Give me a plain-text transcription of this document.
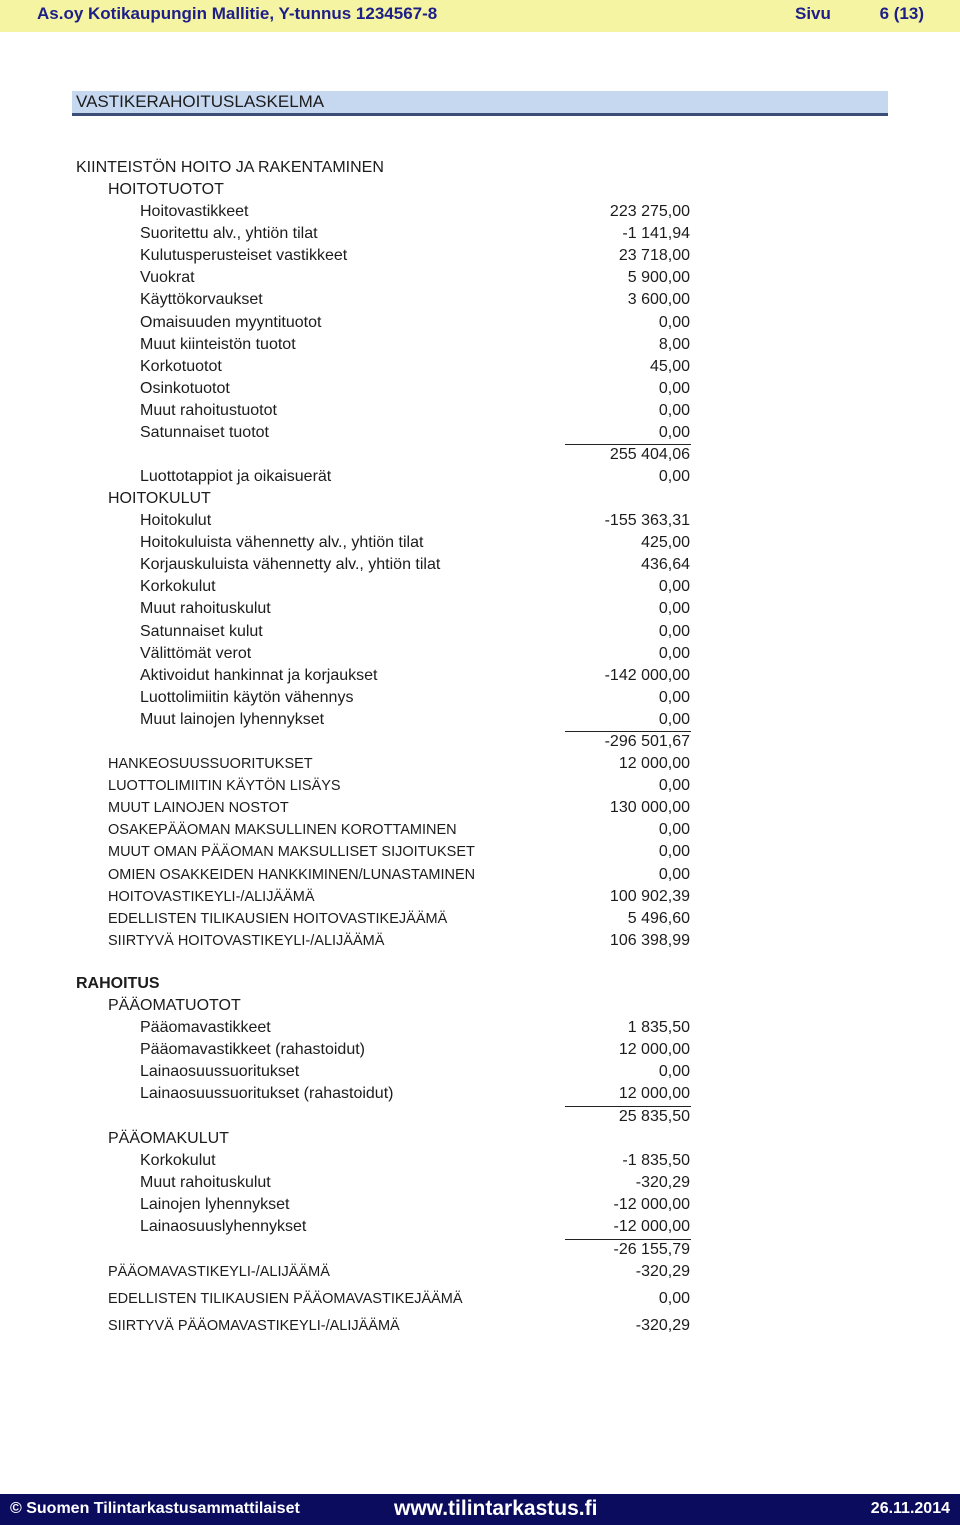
As.oy Kotikaupungin Mallitie, Y-tunnus 1234567-8	Sivu	6 (13)
VASTIKERAHOITUSLASKELMA
KIINTEISTÖN HOITO JA RAKENTAMINEN
HOITOTUOTOT
Hoitovastikkeet	223 275,00
Suoritettu alv., yhtiön tilat	-1 141,94
Kulutusperusteiset vastikkeet	23 718,00
Vuokrat	5 900,00
Käyttökorvaukset	3 600,00
Omaisuuden myyntituotot	0,00
Muut kiinteistön tuotot	8,00
Korkotuotot	45,00
Osinkotuotot	0,00
Muut rahoitustuotot	0,00
Satunnaiset tuotot	0,00
255 404,06
Luottotappiot ja oikaisuerät	0,00
HOITOKULUT
Hoitokulut	-155 363,31
Hoitokuluista vähennetty alv., yhtiön tilat	425,00
Korjauskuluista vähennetty alv., yhtiön tilat	436,64
Korkokulut	0,00
Muut rahoituskulut	0,00
Satunnaiset kulut	0,00
Välittömät verot	0,00
Aktivoidut hankinnat ja korjaukset	-142 000,00
Luottolimiitin käytön vähennys	0,00
Muut lainojen lyhennykset	0,00
-296 501,67
HANKEOSUUSSUORITUKSET	12 000,00
LUOTTOLIMIITIN KÄYTÖN LISÄYS	0,00
MUUT LAINOJEN NOSTOT	130 000,00
OSAKEPÄÄOMAN MAKSULLINEN KOROTTAMINEN	0,00
MUUT OMAN PÄÄOMAN MAKSULLISET SIJOITUKSET	0,00
OMIEN OSAKKEIDEN HANKKIMINEN/LUNASTAMINEN	0,00
HOITOVASTIKEYLI-/ALIJÄÄMÄ	100 902,39
EDELLISTEN TILIKAUSIEN HOITOVASTIKEJÄÄMÄ	5 496,60
SIIRTYVÄ HOITOVASTIKEYLI-/ALIJÄÄMÄ	106 398,99
RAHOITUS
PÄÄOMATUOTOT
Pääomavastikkeet	1 835,50
Pääomavastikkeet (rahastoidut)	12 000,00
Lainaosuussuoritukset	0,00
Lainaosuussuoritukset (rahastoidut)	12 000,00
25 835,50
PÄÄOMAKULUT
Korkokulut	-1 835,50
Muut rahoituskulut	-320,29
Lainojen lyhennykset	-12 000,00
Lainaosuuslyhennykset	-12 000,00
-26 155,79
PÄÄOMAVASTIKEYLI-/ALIJÄÄMÄ	-320,29
EDELLISTEN TILIKAUSIEN PÄÄOMAVASTIKEJÄÄMÄ	0,00
SIIRTYVÄ PÄÄOMAVASTIKEYLI-/ALIJÄÄMÄ	-320,29
© Suomen Tilintarkastusammattilaiset	www.tilintarkastus.fi	26.11.2014
